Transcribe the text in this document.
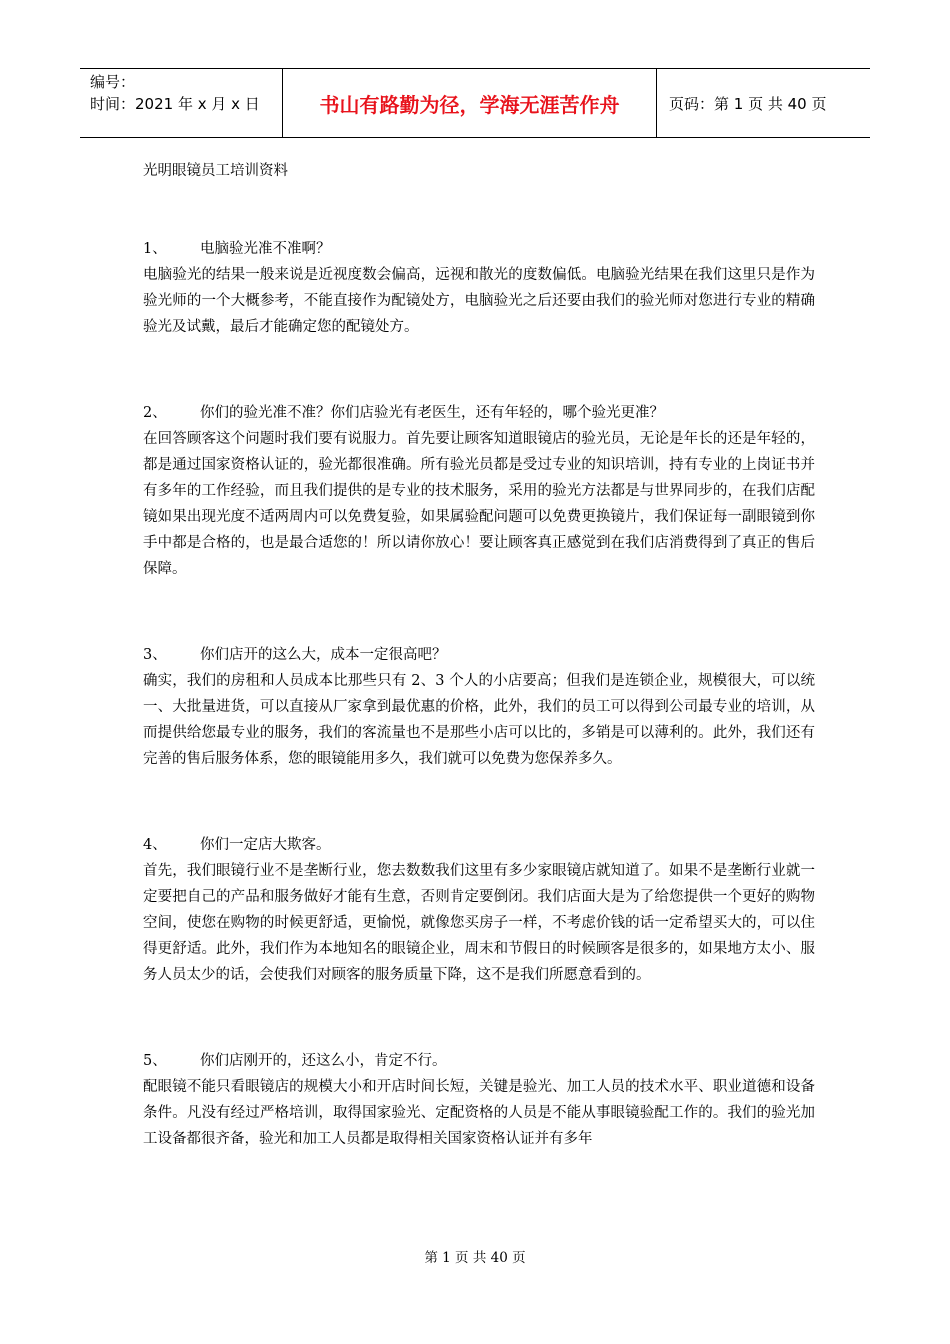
编号：
时间：2021 年 x 月 x 日	书山有路勤为径，学海无涯苦作舟	页码：第 1 页 共 40 页
光明眼镜员工培训资料
1、 电脑验光准不准啊？
电脑验光的结果一般来说是近视度数会偏高，远视和散光的度数偏低。电脑验光结果在我们这里只是作为验光师的一个大概参考，不能直接作为配镜处方，电脑验光之后还要由我们的验光师对您进行专业的精确验光及试戴，最后才能确定您的配镜处方。
2、 你们的验光准不准？你们店验光有老医生，还有年轻的，哪个验光更准？
在回答顾客这个问题时我们要有说服力。首先要让顾客知道眼镜店的验光员，无论是年长的还是年轻的，都是通过国家资格认证的，验光都很准确。所有验光员都是受过专业的知识培训，持有专业的上岗证书并有多年的工作经验，而且我们提供的是专业的技术服务，采用的验光方法都是与世界同步的，在我们店配镜如果出现光度不适两周内可以免费复验，如果属验配问题可以免费更换镜片，我们保证每一副眼镜到你手中都是合格的，也是最合适您的！所以请你放心！要让顾客真正感觉到在我们店消费得到了真正的售后保障。
3、 你们店开的这么大，成本一定很高吧？
确实，我们的房租和人员成本比那些只有 2、3 个人的小店要高；但我们是连锁企业，规模很大，可以统一、大批量进货，可以直接从厂家拿到最优惠的价格，此外，我们的员工可以得到公司最专业的培训，从而提供给您最专业的服务，我们的客流量也不是那些小店可以比的，多销是可以薄利的。此外，我们还有完善的售后服务体系，您的眼镜能用多久，我们就可以免费为您保养多久。
4、 你们一定店大欺客。
首先，我们眼镜行业不是垄断行业，您去数数我们这里有多少家眼镜店就知道了。如果不是垄断行业就一定要把自己的产品和服务做好才能有生意，否则肯定要倒闭。我们店面大是为了给您提供一个更好的购物空间，使您在购物的时候更舒适，更愉悦，就像您买房子一样，不考虑价钱的话一定希望买大的，可以住得更舒适。此外，我们作为本地知名的眼镜企业，周末和节假日的时候顾客是很多的，如果地方太小、服务人员太少的话，会使我们对顾客的服务质量下降，这不是我们所愿意看到的。
5、 你们店刚开的，还这么小，肯定不行。
配眼镜不能只看眼镜店的规模大小和开店时间长短，关键是验光、加工人员的技术水平、职业道德和设备条件。凡没有经过严格培训，取得国家验光、定配资格的人员是不能从事眼镜验配工作的。我们的验光加工设备都很齐备，验光和加工人员都是取得相关国家资格认证并有多年
第 1 页 共 40 页
